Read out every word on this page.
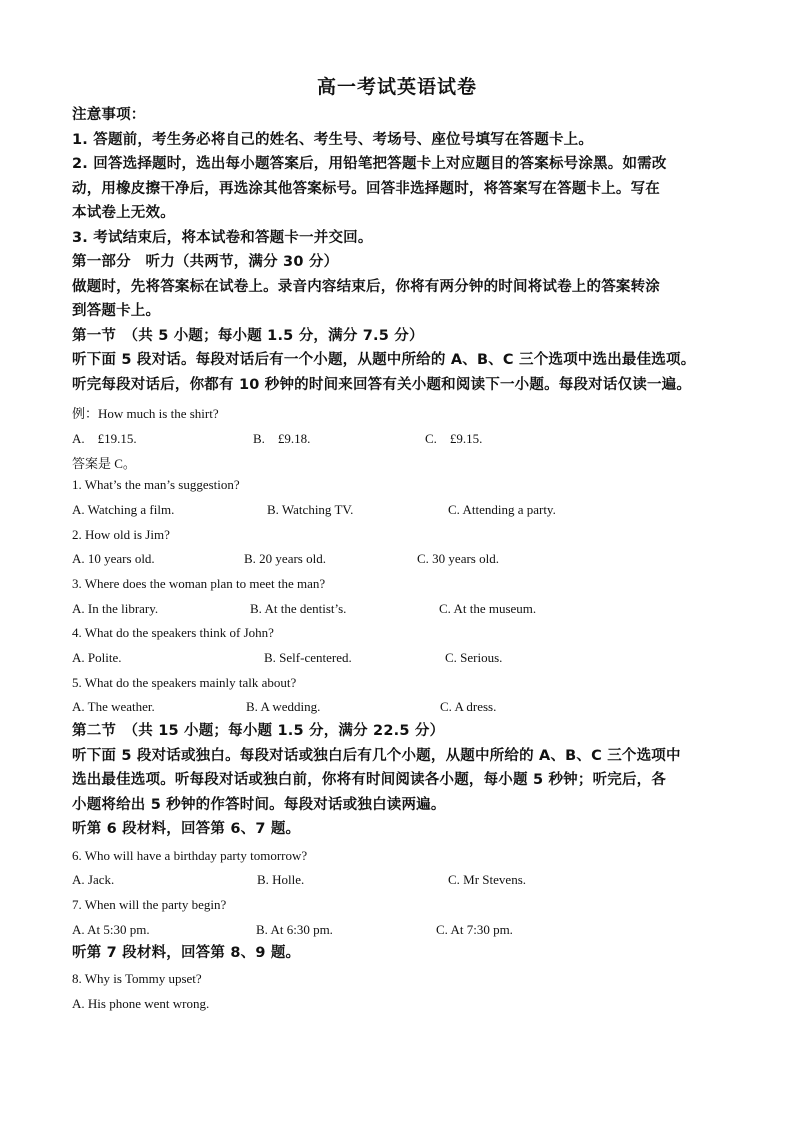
高一考试英语试卷
注意事项：
1. 答题前，考生务必将自己的姓名、考生号、考场号、座位号填写在答题卡上。
2. 回答选择题时，选出每小题答案后，用铅笔把答题卡上对应题目的答案标号涂黑。如需改
动，用橡皮擦干净后，再选涂其他答案标号。回答非选择题时，将答案写在答题卡上。写在
本试卷上无效。
3. 考试结束后，将本试卷和答题卡一并交回。
第一部分　听力（共两节，满分 30 分）
做题时，先将答案标在试卷上。录音内容结束后，你将有两分钟的时间将试卷上的答案转涂
到答题卡上。
第一节　（共 5 小题；每小题 1.5 分，满分 7.5 分）
听下面 5 段对话。每段对话后有一个小题，从题中所给的 A、B、C 三个选项中选出最佳选项。
听完每段对话后，你都有 10 秒钟的时间来回答有关小题和阅读下一小题。每段对话仅读一遍。
例：How much is the shirt?
A.　£19.15.	B.　£9.18.	C.　£9.15.
答案是 C。
1. What’s the man’s suggestion?
A. Watching a film.	B. Watching TV.	C. Attending a party.
2. How old is Jim?
A. 10 years old.	B. 20 years old.	C. 30 years old.
3. Where does the woman plan to meet the man?
A. In the library.	B. At the dentist’s.	C. At the museum.
4. What do the speakers think of John?
A. Polite.	B. Self-centered.	C. Serious.
5. What do the speakers mainly talk about?
A. The weather.	B. A wedding.	C. A dress.
第二节　（共 15 小题；每小题 1.5 分，满分 22.5 分）
听下面 5 段对话或独白。每段对话或独白后有几个小题，从题中所给的 A、B、C 三个选项中
选出最佳选项。听每段对话或独白前，你将有时间阅读各小题，每小题 5 秒钟；听完后，各
小题将给出 5 秒钟的作答时间。每段对话或独白读两遍。
听第 6 段材料，回答第 6、7 题。
6. Who will have a birthday party tomorrow?
A. Jack.	B. Holle.	C. Mr Stevens.
7. When will the party begin?
A. At 5:30 pm.	B. At 6:30 pm.	C. At 7:30 pm.
听第 7 段材料，回答第 8、9 题。
8. Why is Tommy upset?
A. His phone went wrong.
